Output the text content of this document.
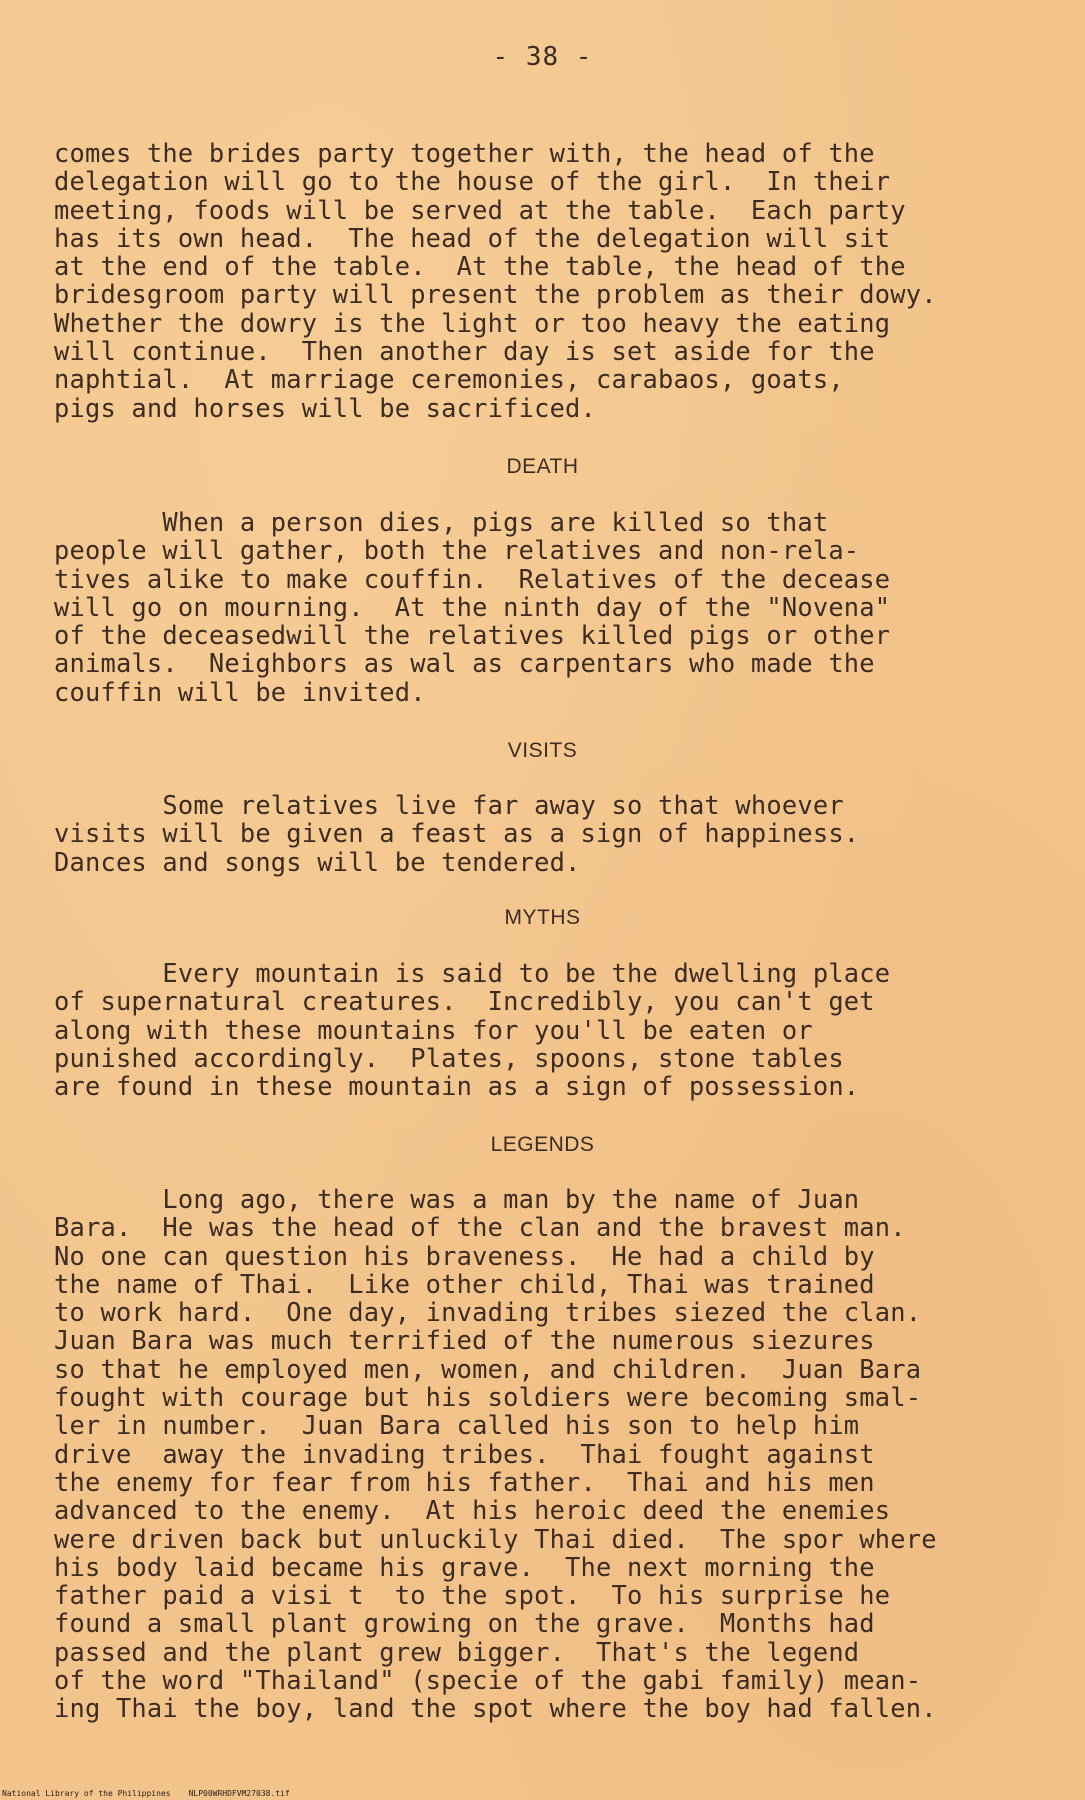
- 38 -
comes the brides party together with, the head of the
delegation will go to the house of the girl.  In their
meeting, foods will be served at the table.  Each party
has its own head.  The head of the delegation will sit
at the end of the table.  At the table, the head of the
bridesgroom party will present the problem as their dowy.
Whether the dowry is the light or too heavy the eating
will continue.  Then another day is set aside for the
naphtial.  At marriage ceremonies, carabaos, goats,
pigs and horses will be sacrificed.
DEATH
When a person dies, pigs are killed so that
people will gather, both the relatives and non-rela-
tives alike to make couffin.  Relatives of the decease
will go on mourning.  At the ninth day of the "Novena"
of the deceasedwill the relatives killed pigs or other
animals.  Neighbors as wal as carpentars who made the
couffin will be invited.
VISITS
Some relatives live far away so that whoever
visits will be given a feast as a sign of happiness.
Dances and songs will be tendered.
MYTHS
Every mountain is said to be the dwelling place
of supernatural creatures.  Incredibly, you can't get
along with these mountains for you'll be eaten or
punished accordingly.  Plates, spoons, stone tables
are found in these mountain as a sign of possession.
LEGENDS
Long ago, there was a man by the name of Juan
Bara.  He was the head of the clan and the bravest man.
No one can question his braveness.  He had a child by
the name of Thai.  Like other child, Thai was trained
to work hard.  One day, invading tribes siezed the clan.
Juan Bara was much terrified of the numerous siezures
so that he employed men, women, and children.  Juan Bara
fought with courage but his soldiers were becoming smal-
ler in number.  Juan Bara called his son to help him
drive  away the invading tribes.  Thai fought against
the enemy for fear from his father.  Thai and his men
advanced to the enemy.  At his heroic deed the enemies
were driven back but unluckily Thai died.  The spor where
his body laid became his grave.  The next morning the
father paid a visi t  to the spot.  To his surprise he
found a small plant growing on the grave.  Months had
passed and the plant grew bigger.  That's the legend
of the word "Thailand" (specie of the gabi family) mean-
ing Thai the boy, land the spot where the boy had fallen.
National Library of the Philippines NLP00WRHDFVM27038.tif
